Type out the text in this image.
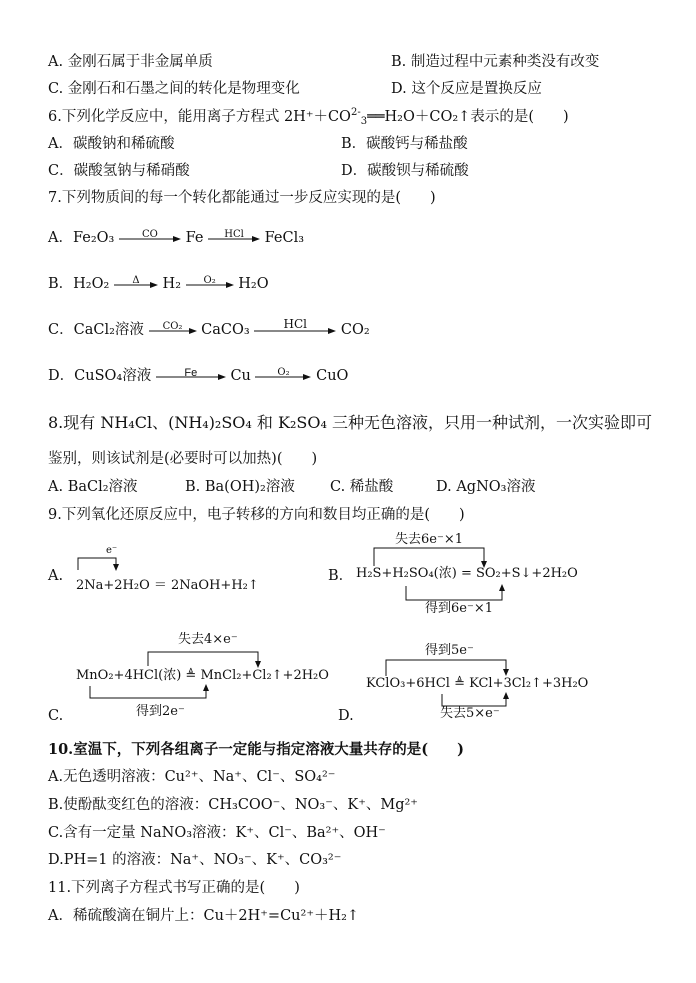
A. 金刚石属于非金属单质	B. 制造过程中元素种类没有改变
C. 金刚石和石墨之间的转化是物理变化	D. 这个反应是置换反应
6.下列化学反应中，能用离子方程式 $2H^++CO^{2-}_3══H_2O+CO_2↑$表示的是(　　)
A．碳酸钠和稀硫酸	B．碳酸钙与稀盐酸
C．碳酸氢钠与稀硝酸	D．碳酸钡与稀硫酸
7.下列物质间的每一个转化都能通过一步反应实现的是(　　)
A．Fe₂O₃	CO	Fe	HCl	FeCl₃
B．H₂O₂	Δ	H₂	O₂	H₂O
C．CaCl₂溶液	CO₂	CaCO₃	HCl	CO₂
D．CuSO₄溶液	Fe	Cu	O₂	CuO
8.现有 NH₄Cl、(NH₄)₂SO₄ 和 K₂SO₄ 三种无色溶液，只用一种试剂，一次实验即可
鉴别，则该试剂是(必要时可以加热)(　　)
A. BaCl₂溶液	B. Ba(OH)₂溶液 C. 稀盐酸	D. AgNO₃溶液
9.下列氧化还原反应中，电子转移的方向和数目均正确的是(　　)
A.
e⁻
2Na+2H₂O ＝ 2NaOH+H₂↑
B．
失去6e⁻×1
H₂S+H₂SO₄(浓) = SO₂+S↓+2H₂O
得到6e⁻×1
失去4×e⁻
MnO₂+4HCl(浓) ≜ MnCl₂+Cl₂↑+2H₂O
C.	得到2e⁻
得到5e⁻
KClO₃+6HCl ≜ KCl+3Cl₂↑+3H₂O
D.	失去5×e⁻
10.室温下，下列各组离子一定能与指定溶液大量共存的是(　　)
A.无色透明溶液：Cu²⁺、Na⁺、Cl⁻、SO₄²⁻
B.使酚酞变红色的溶液：CH₃COO⁻、NO₃⁻、K⁺、Mg²⁺
C.含有一定量 NaNO₃溶液：K⁺、Cl⁻、Ba²⁺、OH⁻
D.PH=1 的溶液：Na⁺、NO₃⁻、K⁺、CO₃²⁻
11.下列离子方程式书写正确的是(　　)
A．稀硫酸滴在铜片上：Cu＋2H⁺=Cu²⁺＋H₂↑
